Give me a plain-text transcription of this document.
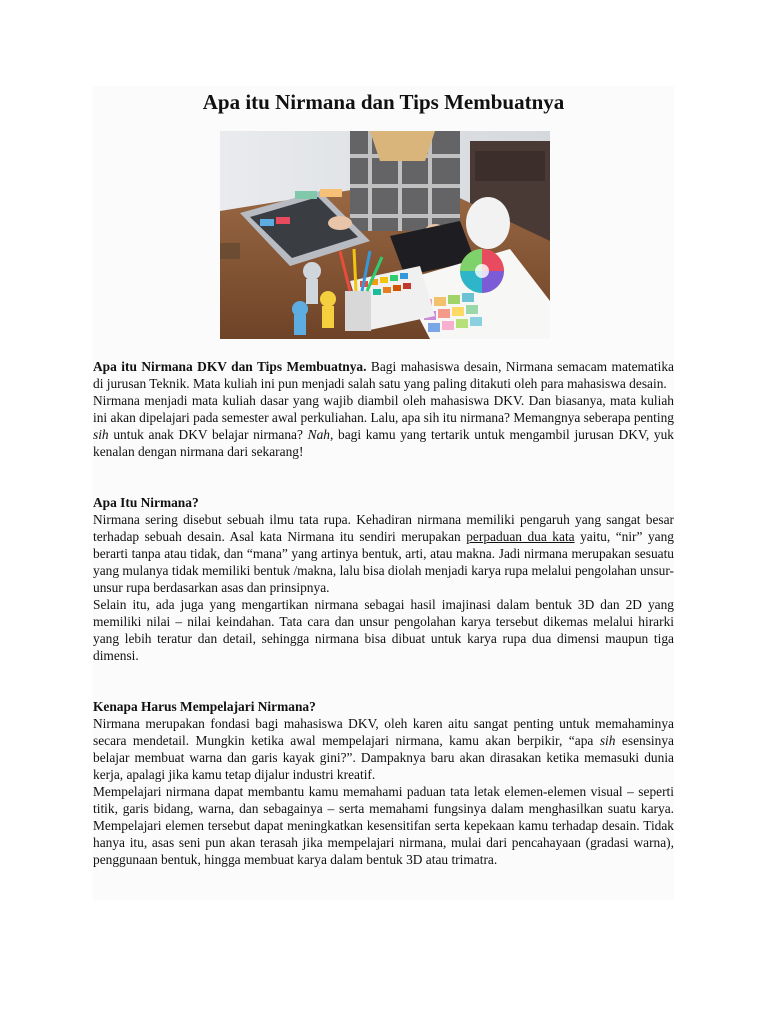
Apa itu Nirmana dan Tips Membuatnya

Apa itu Nirmana DKV dan Tips Membuatnya. Bagi mahasiswa desain, Nirmana semacam matematika di jurusan Teknik. Mata kuliah ini pun menjadi salah satu yang paling ditakuti oleh para mahasiswa desain.

Nirmana menjadi mata kuliah dasar yang wajib diambil oleh mahasiswa DKV. Dan biasanya, mata kuliah ini akan dipelajari pada semester awal perkuliahan. Lalu, apa sih itu nirmana? Memangnya seberapa penting sih untuk anak DKV belajar nirmana? Nah, bagi kamu yang tertarik untuk mengambil jurusan DKV, yuk kenalan dengan nirmana dari sekarang!

Apa Itu Nirmana?

Nirmana sering disebut sebuah ilmu tata rupa. Kehadiran nirmana memiliki pengaruh yang sangat besar terhadap sebuah desain. Asal kata Nirmana itu sendiri merupakan perpaduan dua kata yaitu, “nir” yang berarti tanpa atau tidak, dan “mana” yang artinya bentuk, arti, atau makna. Jadi nirmana merupakan sesuatu yang mulanya tidak memiliki bentuk /makna, lalu bisa diolah menjadi karya rupa melalui pengolahan unsur-unsur rupa berdasarkan asas dan prinsipnya.

Selain itu, ada juga yang mengartikan nirmana sebagai hasil imajinasi dalam bentuk 3D dan 2D yang memiliki nilai – nilai keindahan. Tata cara dan unsur pengolahan karya tersebut dikemas melalui hirarki yang lebih teratur dan detail, sehingga nirmana bisa dibuat untuk karya rupa dua dimensi maupun tiga dimensi.

Kenapa Harus Mempelajari Nirmana?

Nirmana merupakan fondasi bagi mahasiswa DKV, oleh karen aitu sangat penting untuk memahaminya secara mendetail. Mungkin ketika awal mempelajari nirmana, kamu akan berpikir, “apa sih esensinya belajar membuat warna dan garis kayak gini?”. Dampaknya baru akan dirasakan ketika memasuki dunia kerja, apalagi jika kamu tetap dijalur industri kreatif.

Mempelajari nirmana dapat membantu kamu memahami paduan tata letak elemen-elemen visual – seperti titik, garis bidang, warna, dan sebagainya – serta memahami fungsinya dalam menghasilkan suatu karya. Mempelajari elemen tersebut dapat meningkatkan kesensitifan serta kepekaan kamu terhadap desain. Tidak hanya itu, asas seni pun akan terasah jika mempelajari nirmana, mulai dari pencahayaan (gradasi warna), penggunaan bentuk, hingga membuat karya dalam bentuk 3D atau trimatra.
